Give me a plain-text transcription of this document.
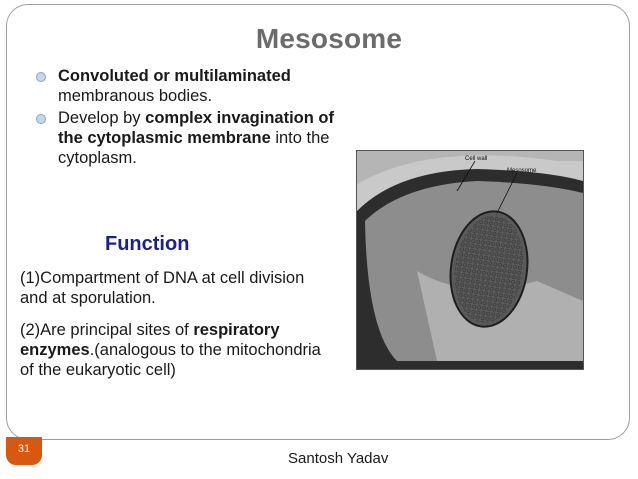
Mesosome
Convoluted or multilaminated membranous bodies.
Develop by complex invagination of the cytoplasmic membrane into the cytoplasm.
Function
(1)Compartment of DNA at cell division and at sporulation.
(2)Are principal sites of respiratory enzymes.(analogous to the mitochondria of the eukaryotic cell)
Cell wall
Mesosome
31
Santosh Yadav
